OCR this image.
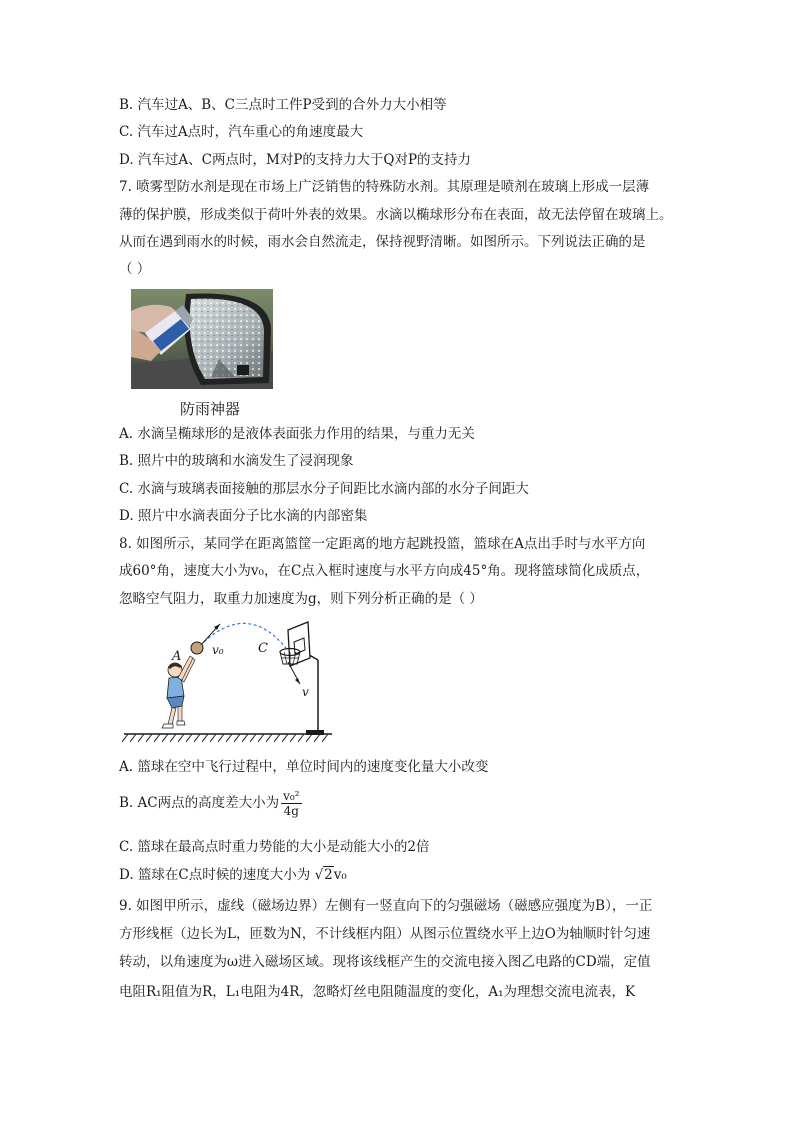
B. 汽车过A、B、C三点时工件P受到的合外力大小相等
C. 汽车过A点时，汽车重心的角速度最大
D. 汽车过A、C两点时，M对P的支持力大于Q对P的支持力
7. 喷雾型防水剂是现在市场上广泛销售的特殊防水剂。其原理是喷剂在玻璃上形成一层薄
薄的保护膜，形成类似于荷叶外表的效果。水滴以椭球形分布在表面，故无法停留在玻璃上。
从而在遇到雨水的时候，雨水会自然流走，保持视野清晰。如图所示。下列说法正确的是
（ ）
防雨神器
A. 水滴呈椭球形的是液体表面张力作用的结果，与重力无关
B. 照片中的玻璃和水滴发生了浸润现象
C. 水滴与玻璃表面接触的那层水分子间距比水滴内部的水分子间距大
D. 照片中水滴表面分子比水滴的内部密集
8. 如图所示，某同学在距离篮筐一定距离的地方起跳投篮，篮球在A点出手时与水平方向
成60°角，速度大小为v₀，在C点入框时速度与水平方向成45°角。现将篮球简化成质点，
忽略空气阻力，取重力加速度为g，则下列分析正确的是（ ）
A	v₀	C
v
A. 篮球在空中飞行过程中，单位时间内的速度变化量大小改变
B. AC两点的高度差大小为 $\frac{\text{v₀²}}{4g}$
C. 篮球在最高点时重力势能的大小是动能大小的2倍
D. 篮球在C点时候的速度大小为 √2v₀
9. 如图甲所示，虚线（磁场边界）左侧有一竖直向下的匀强磁场（磁感应强度为B），一正
方形线框（边长为L，匝数为N，不计线框内阻）从图示位置绕水平上边O为轴顺时针匀速
转动，以角速度为ω进入磁场区域。现将该线框产生的交流电接入图乙电路的CD端，定值
电阻R₁阻值为R，L₁电阻为4R，忽略灯丝电阻随温度的变化，A₁为理想交流电流表，K
